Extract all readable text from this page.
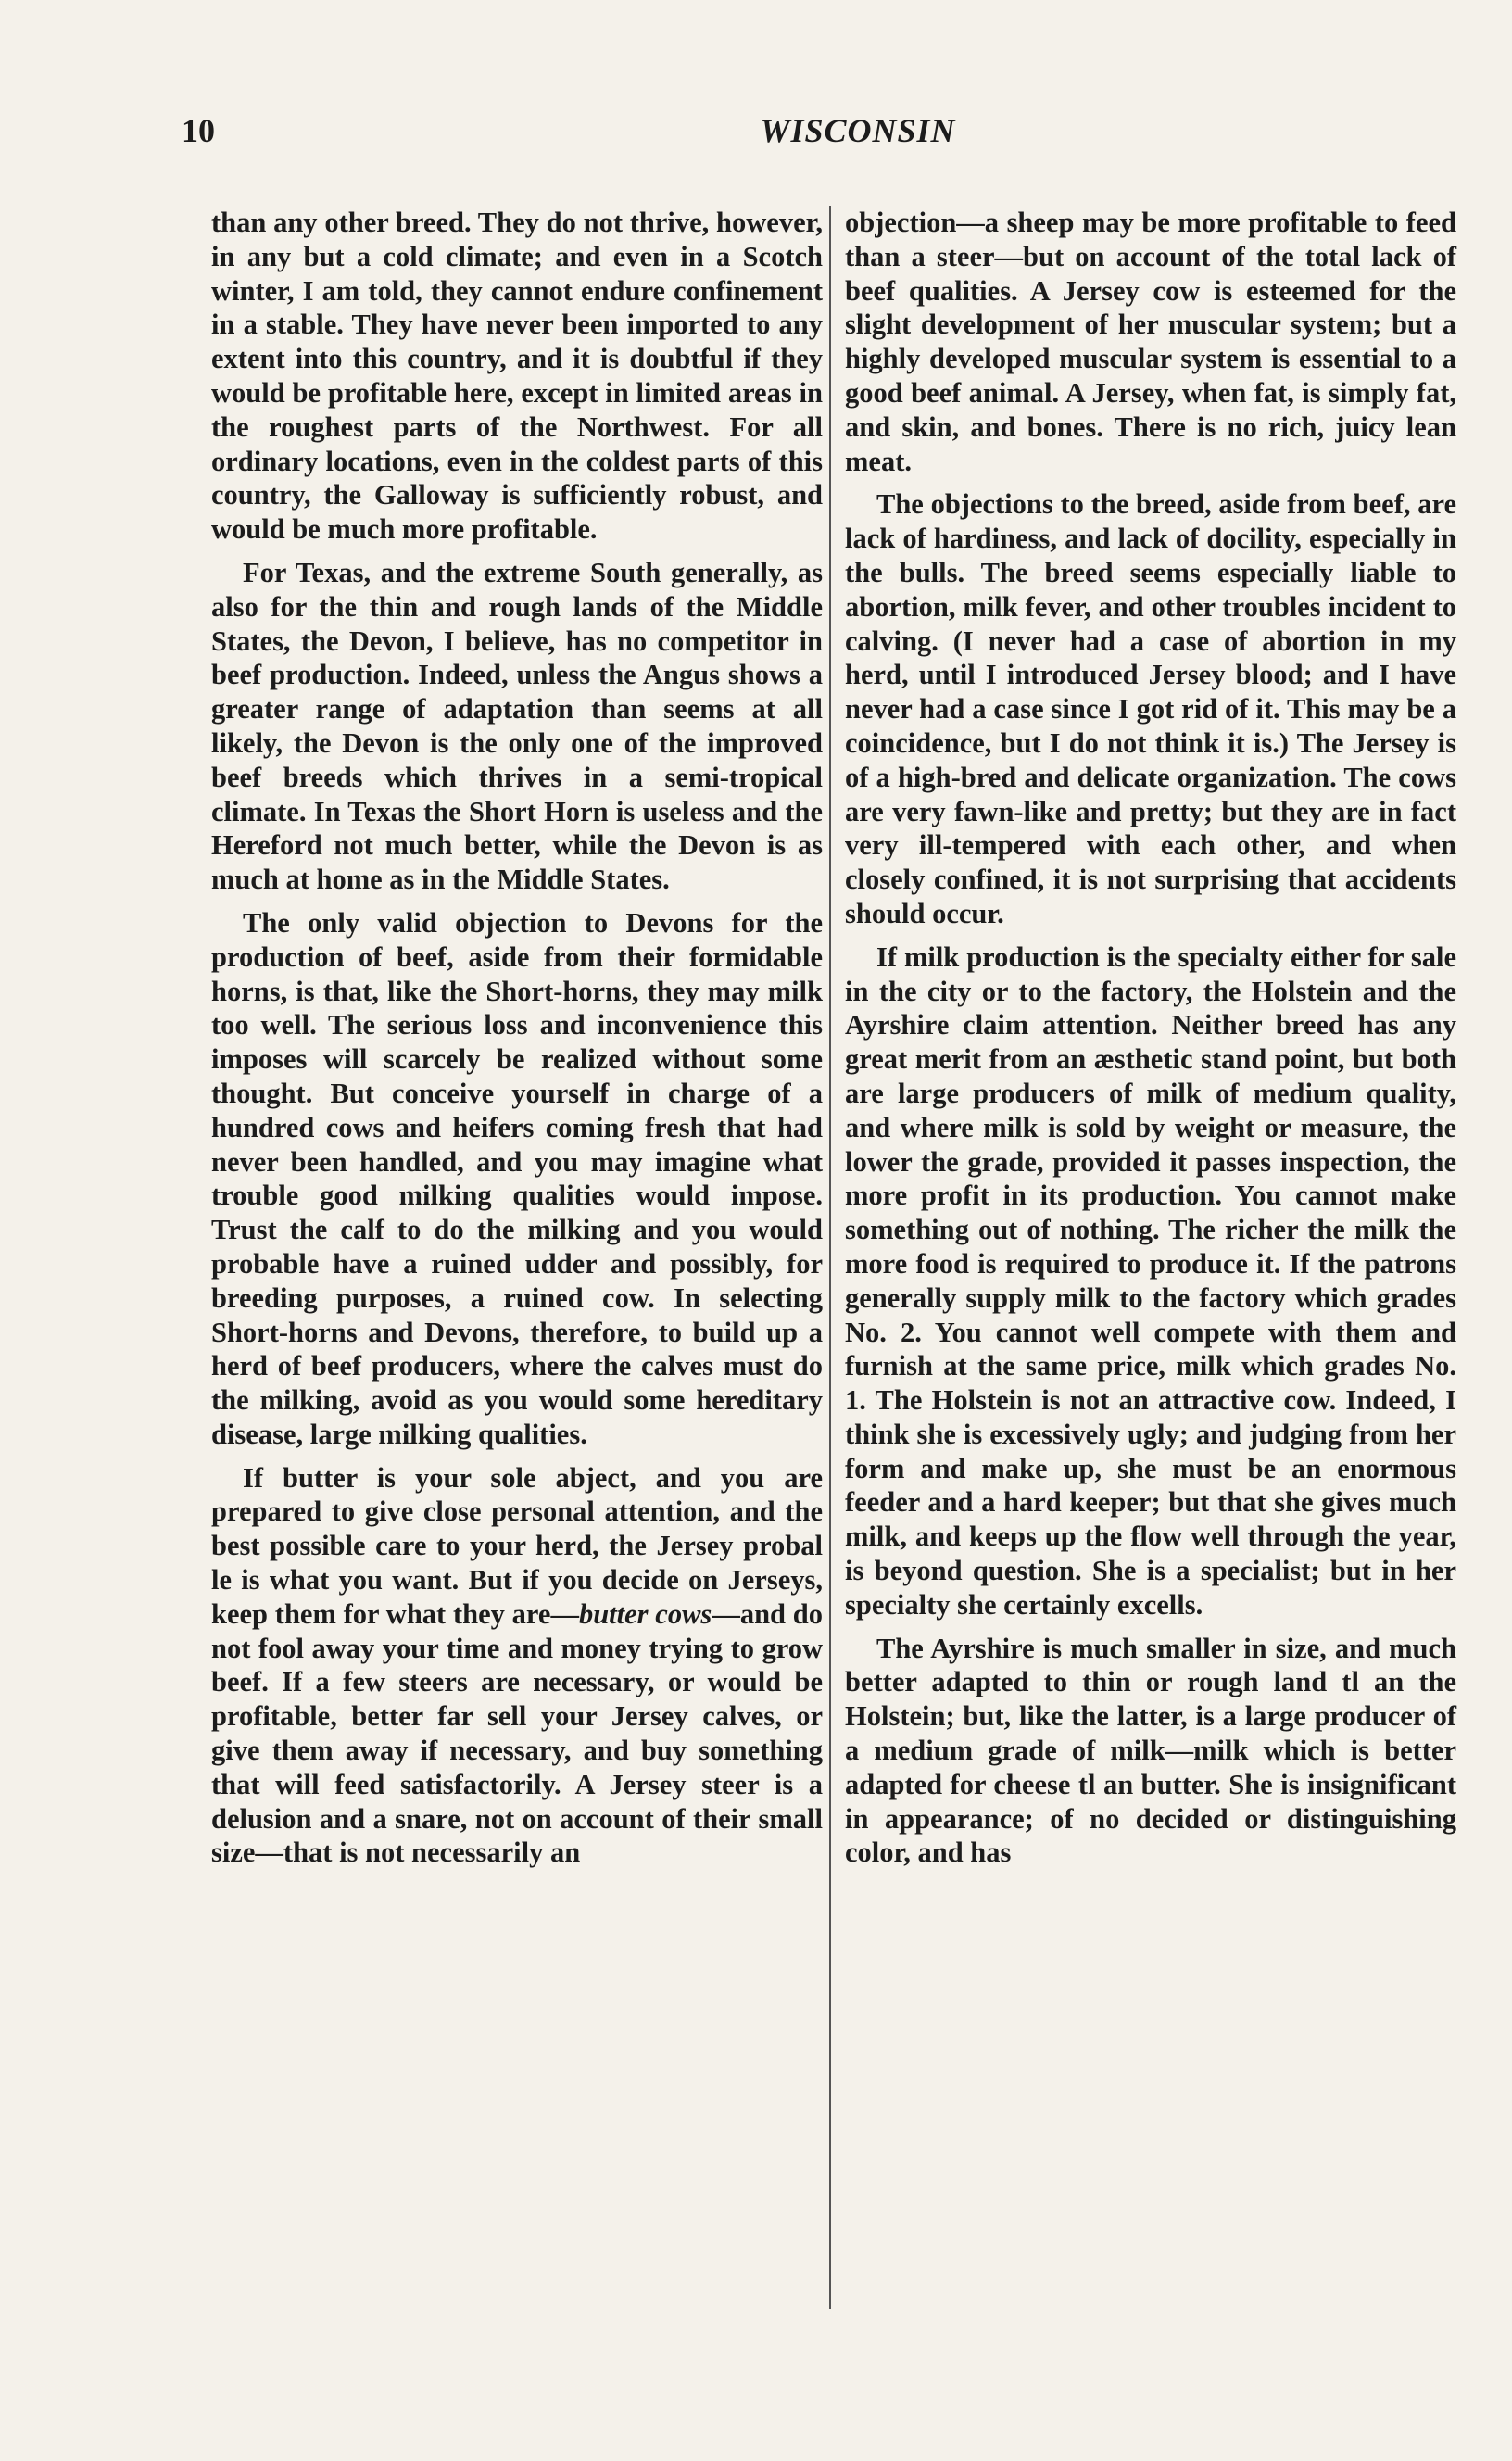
10	WISCONSIN

than any other breed. They do not thrive, however, in any but a cold climate; and even in a Scotch winter, I am told, they cannot endure confinement in a stable. They have never been imported to any extent into this country, and it is doubtful if they would be profitable here, except in limited areas in the roughest parts of the Northwest. For all ordinary locations, even in the coldest parts of this country, the Galloway is sufficiently robust, and would be much more profitable.

For Texas, and the extreme South generally, as also for the thin and rough lands of the Middle States, the Devon, I believe, has no competitor in beef production. Indeed, unless the Angus shows a greater range of adaptation than seems at all likely, the Devon is the only one of the improved beef breeds which thrives in a semi-tropical climate. In Texas the Short Horn is useless and the Hereford not much better, while the Devon is as much at home as in the Middle States.

The only valid objection to Devons for the production of beef, aside from their formidable horns, is that, like the Short-horns, they may milk too well. The serious loss and inconvenience this imposes will scarcely be realized without some thought. But conceive yourself in charge of a hundred cows and heifers coming fresh that had never been handled, and you may imagine what trouble good milking qualities would impose. Trust the calf to do the milking and you would probable have a ruined udder and possibly, for breeding purposes, a ruined cow. In selecting Short-horns and Devons, therefore, to build up a herd of beef producers, where the calves must do the milking, avoid as you would some hereditary disease, large milking qualities.

If butter is your sole abject, and you are prepared to give close personal attention, and the best possible care to your herd, the Jersey probal le is what you want. But if you decide on Jerseys, keep them for what they are—butter cows—and do not fool away your time and money trying to grow beef. If a few steers are necessary, or would be profitable, better far sell your Jersey calves, or give them away if necessary, and buy something that will feed satisfactorily. A Jersey steer is a delusion and a snare, not on account of their small size—that is not necessarily an

objection—a sheep may be more profitable to feed than a steer—but on account of the total lack of beef qualities. A Jersey cow is esteemed for the slight development of her muscular system; but a highly developed muscular system is essential to a good beef animal. A Jersey, when fat, is simply fat, and skin, and bones. There is no rich, juicy lean meat.

The objections to the breed, aside from beef, are lack of hardiness, and lack of docility, especially in the bulls. The breed seems especially liable to abortion, milk fever, and other troubles incident to calving. (I never had a case of abortion in my herd, until I introduced Jersey blood; and I have never had a case since I got rid of it. This may be a coincidence, but I do not think it is.) The Jersey is of a high-bred and delicate organization. The cows are very fawn-like and pretty; but they are in fact very ill-tempered with each other, and when closely confined, it is not surprising that accidents should occur.

If milk production is the specialty either for sale in the city or to the factory, the Holstein and the Ayrshire claim attention. Neither breed has any great merit from an æsthetic stand point, but both are large producers of milk of medium quality, and where milk is sold by weight or measure, the lower the grade, provided it passes inspection, the more profit in its production. You cannot make something out of nothing. The richer the milk the more food is required to produce it. If the patrons generally supply milk to the factory which grades No. 2. You cannot well compete with them and furnish at the same price, milk which grades No. 1. The Holstein is not an attractive cow. Indeed, I think she is excessively ugly; and judging from her form and make up, she must be an enormous feeder and a hard keeper; but that she gives much milk, and keeps up the flow well through the year, is beyond question. She is a specialist; but in her specialty she certainly excells.

The Ayrshire is much smaller in size, and much better adapted to thin or rough land tl an the Holstein; but, like the latter, is a large producer of a medium grade of milk—milk which is better adapted for cheese tl an butter. She is insignificant in appearance; of no decided or distinguishing color, and has
